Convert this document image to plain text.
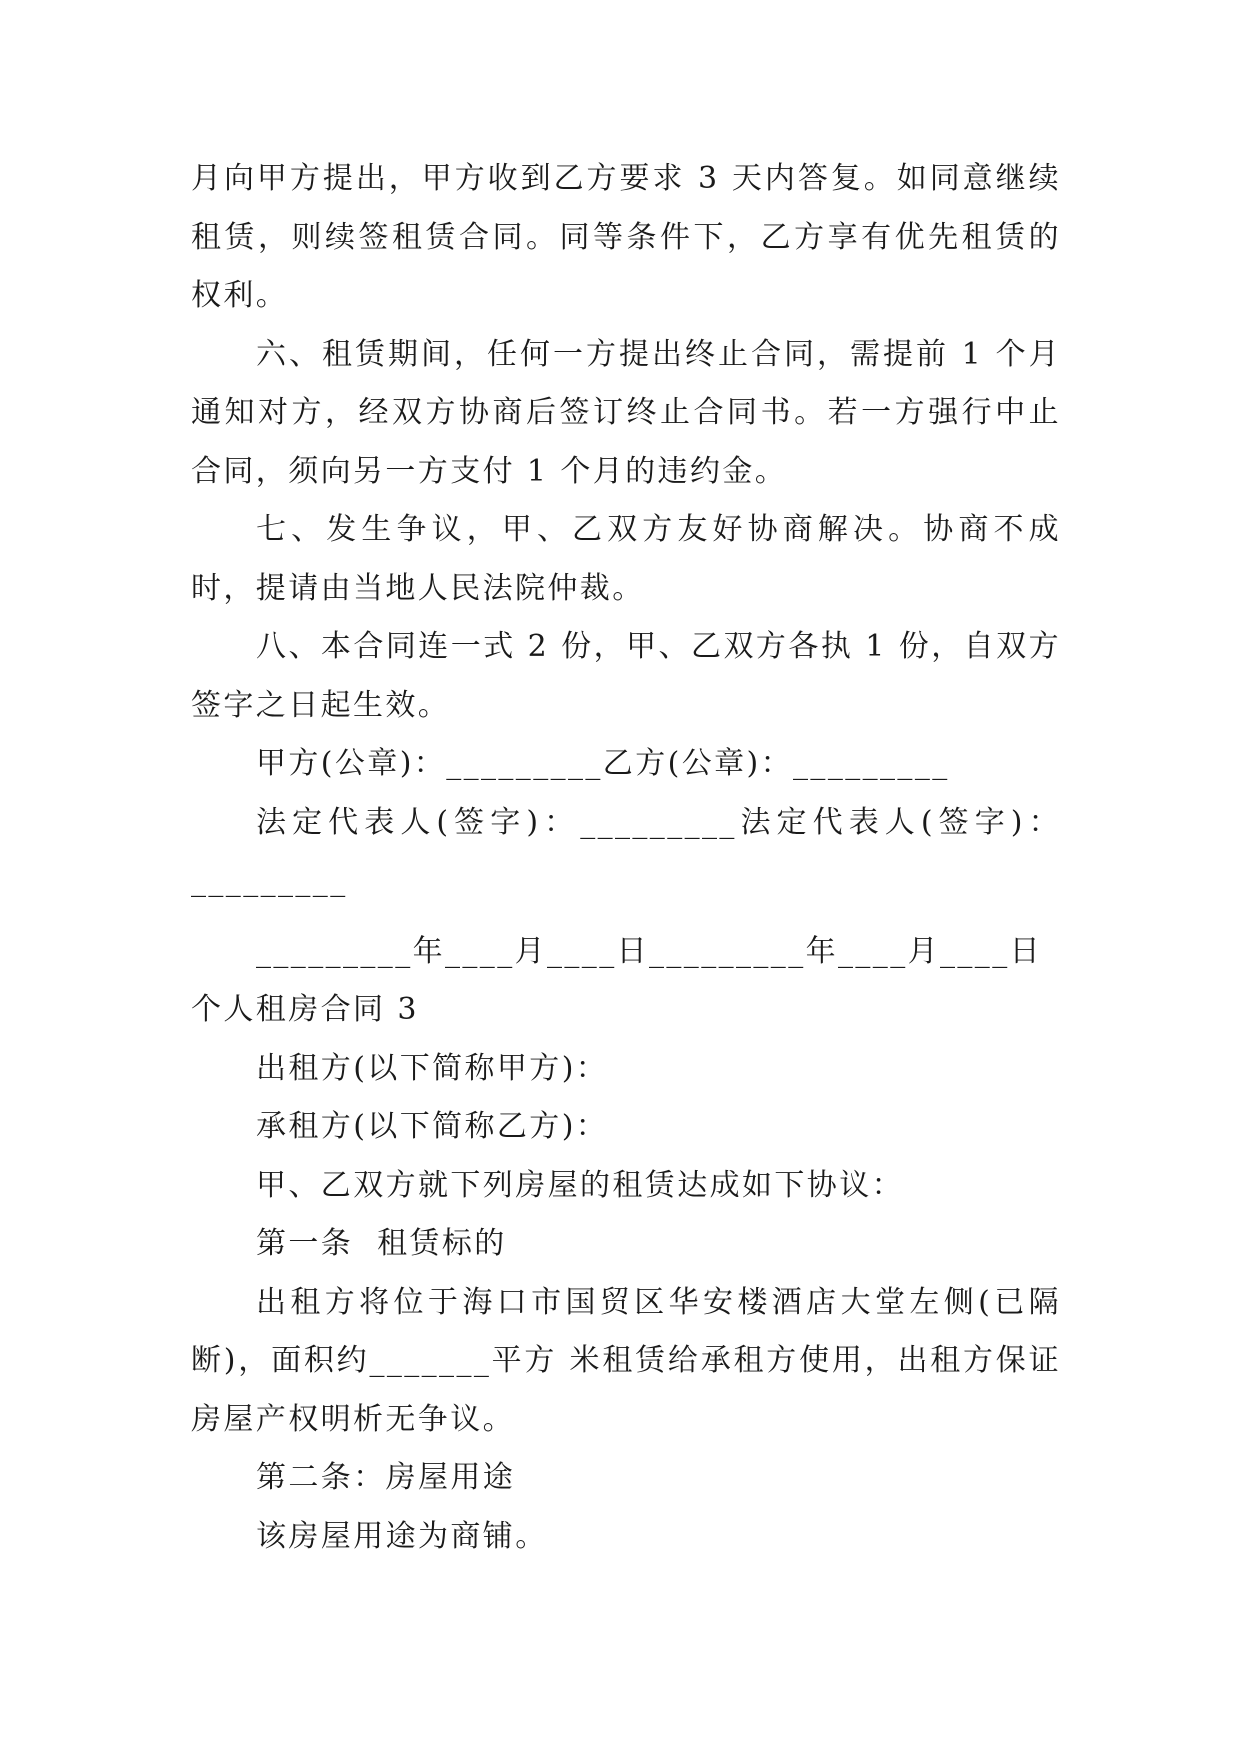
月向甲方提出，甲方收到乙方要求 3 天内答复。如同意继续租赁，则续签租赁合同。同等条件下，乙方享有优先租赁的权利。

六、租赁期间，任何一方提出终止合同，需提前 1 个月通知对方，经双方协商后签订终止合同书。若一方强行中止合同，须向另一方支付 1 个月的违约金。

七、发生争议，甲、乙双方友好协商解决。协商不成时，提请由当地人民法院仲裁。

八、本合同连一式 2 份，甲、乙双方各执 1 份，自双方签字之日起生效。

甲方(公章)：_________乙方(公章)：_________

法定代表人(签字)：_________法定代表人(签字)：_________

_________年____月____日_________年____月____日

个人租房合同 3

出租方(以下简称甲方)：

承租方(以下简称乙方)：

甲、乙双方就下列房屋的租赁达成如下协议：

第一条  租赁标的

出租方将位于海口市国贸区华安楼酒店大堂左侧(已隔断)，面积约_______平方 米租赁给承租方使用，出租方保证房屋产权明析无争议。

第二条：房屋用途

该房屋用途为商铺。
